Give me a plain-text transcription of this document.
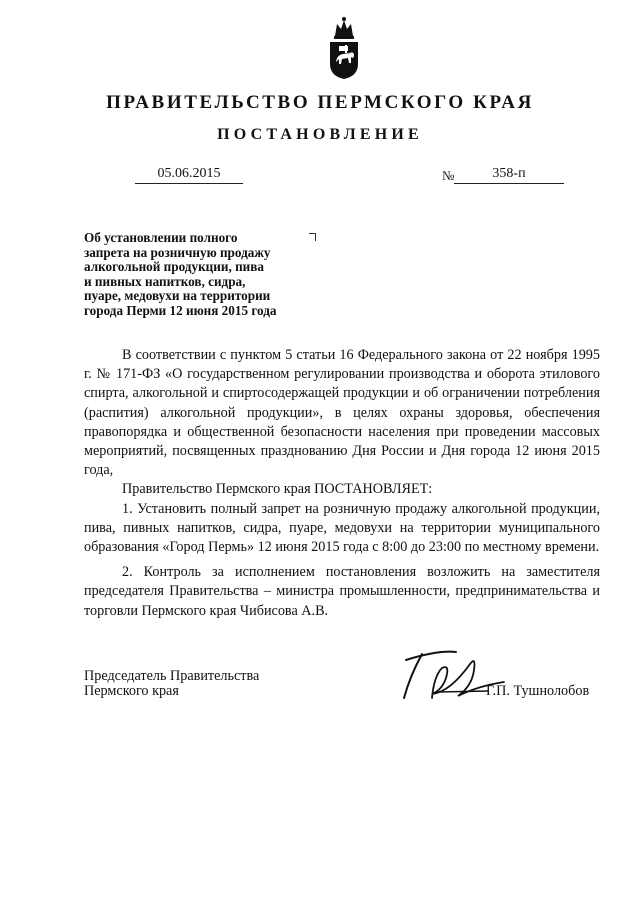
ПРАВИТЕЛЬСТВО ПЕРМСКОГО КРАЯ
ПОСТАНОВЛЕНИЕ
05.06.2015	№	358-п

Об установлении полного
запрета на розничную продажу
алкогольной продукции, пива
и пивных напитков, сидра,
пуаре, медовухи на территории
города Перми 12 июня 2015 года

В соответствии с пунктом 5 статьи 16 Федерального закона от 22 ноября 1995 г. № 171-ФЗ «О государственном регулировании производства и оборота этилового спирта, алкогольной и спиртосодержащей продукции и об ограничении потребления (распития) алкогольной продукции», в целях охраны здоровья, обеспечения правопорядка и общественной безопасности населения при проведении массовых мероприятий, посвященных празднованию Дня России и Дня города 12 июня 2015 года,

Правительство Пермского края ПОСТАНОВЛЯЕТ:

1. Установить полный запрет на розничную продажу алкогольной продукции, пива, пивных напитков, сидра, пуаре, медовухи на территории муниципального образования «Город Пермь» 12 июня 2015 года с 8:00 до 23:00 по местному времени.

2. Контроль за исполнением постановления возложить на заместителя председателя Правительства – министра промышленности, предпринимательства и торговли Пермского края Чибисова А.В.

Председатель Правительства
Пермского края	Г.П. Тушнолобов
